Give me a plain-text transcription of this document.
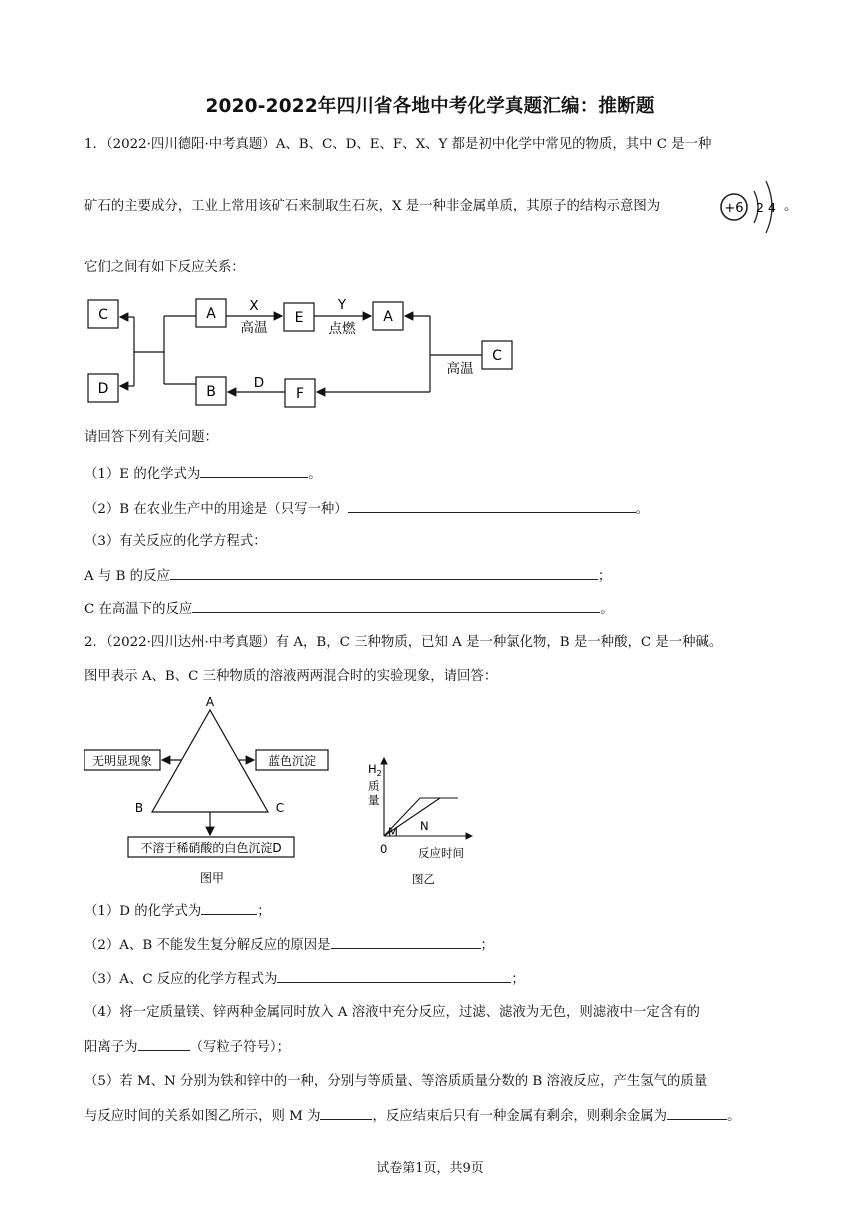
2020-2022年四川省各地中考化学真题汇编：推断题
1．（2022·四川德阳·中考真题）A、B、C、D、E、F、X、Y 都是初中化学中常见的物质，其中 C 是一种
矿石的主要成分，工业上常用该矿石来制取生石灰，X 是一种非金属单质，其原子的结构示意图为	+6 2 4 。
它们之间有如下反应关系：
C
D
A	E	A
B	F
C
X
高温
Y
点燃
高温
D
请回答下列有关问题：
（1）E 的化学式为	。
（2）B 在农业生产中的用途是（只写一种）	。
（3）有关反应的化学方程式：
A 与 B 的反应	；
C 在高温下的反应	。
2．（2022·四川达州·中考真题）有 A，B，C 三种物质，已知 A 是一种氯化物，B 是一种酸，C 是一种碱。
图甲表示 A、B、C 三种物质的溶液两两混合时的实验现象，请回答：
A
B	C
无明显现象	蓝色沉淀
不溶于稀硝酸的白色沉淀D
图甲
$H_2$
质
量
M N
0	反应时间
图乙
（1）D 的化学式为	；
（2）A、B 不能发生复分解反应的原因是	；
（3）A、C 反应的化学方程式为	；
（4）将一定质量镁、锌两种金属同时放入 A 溶液中充分反应，过滤、滤液为无色，则滤液中一定含有的
阳离子为	（写粒子符号）；
（5）若 M、N 分别为铁和锌中的一种，分别与等质量、等溶质质量分数的 B 溶液反应，产生氢气的质量
与反应时间的关系如图乙所示，则 M 为	，反应结束后只有一种金属有剩余，则剩余金属为	。
试卷第1页，共9页
